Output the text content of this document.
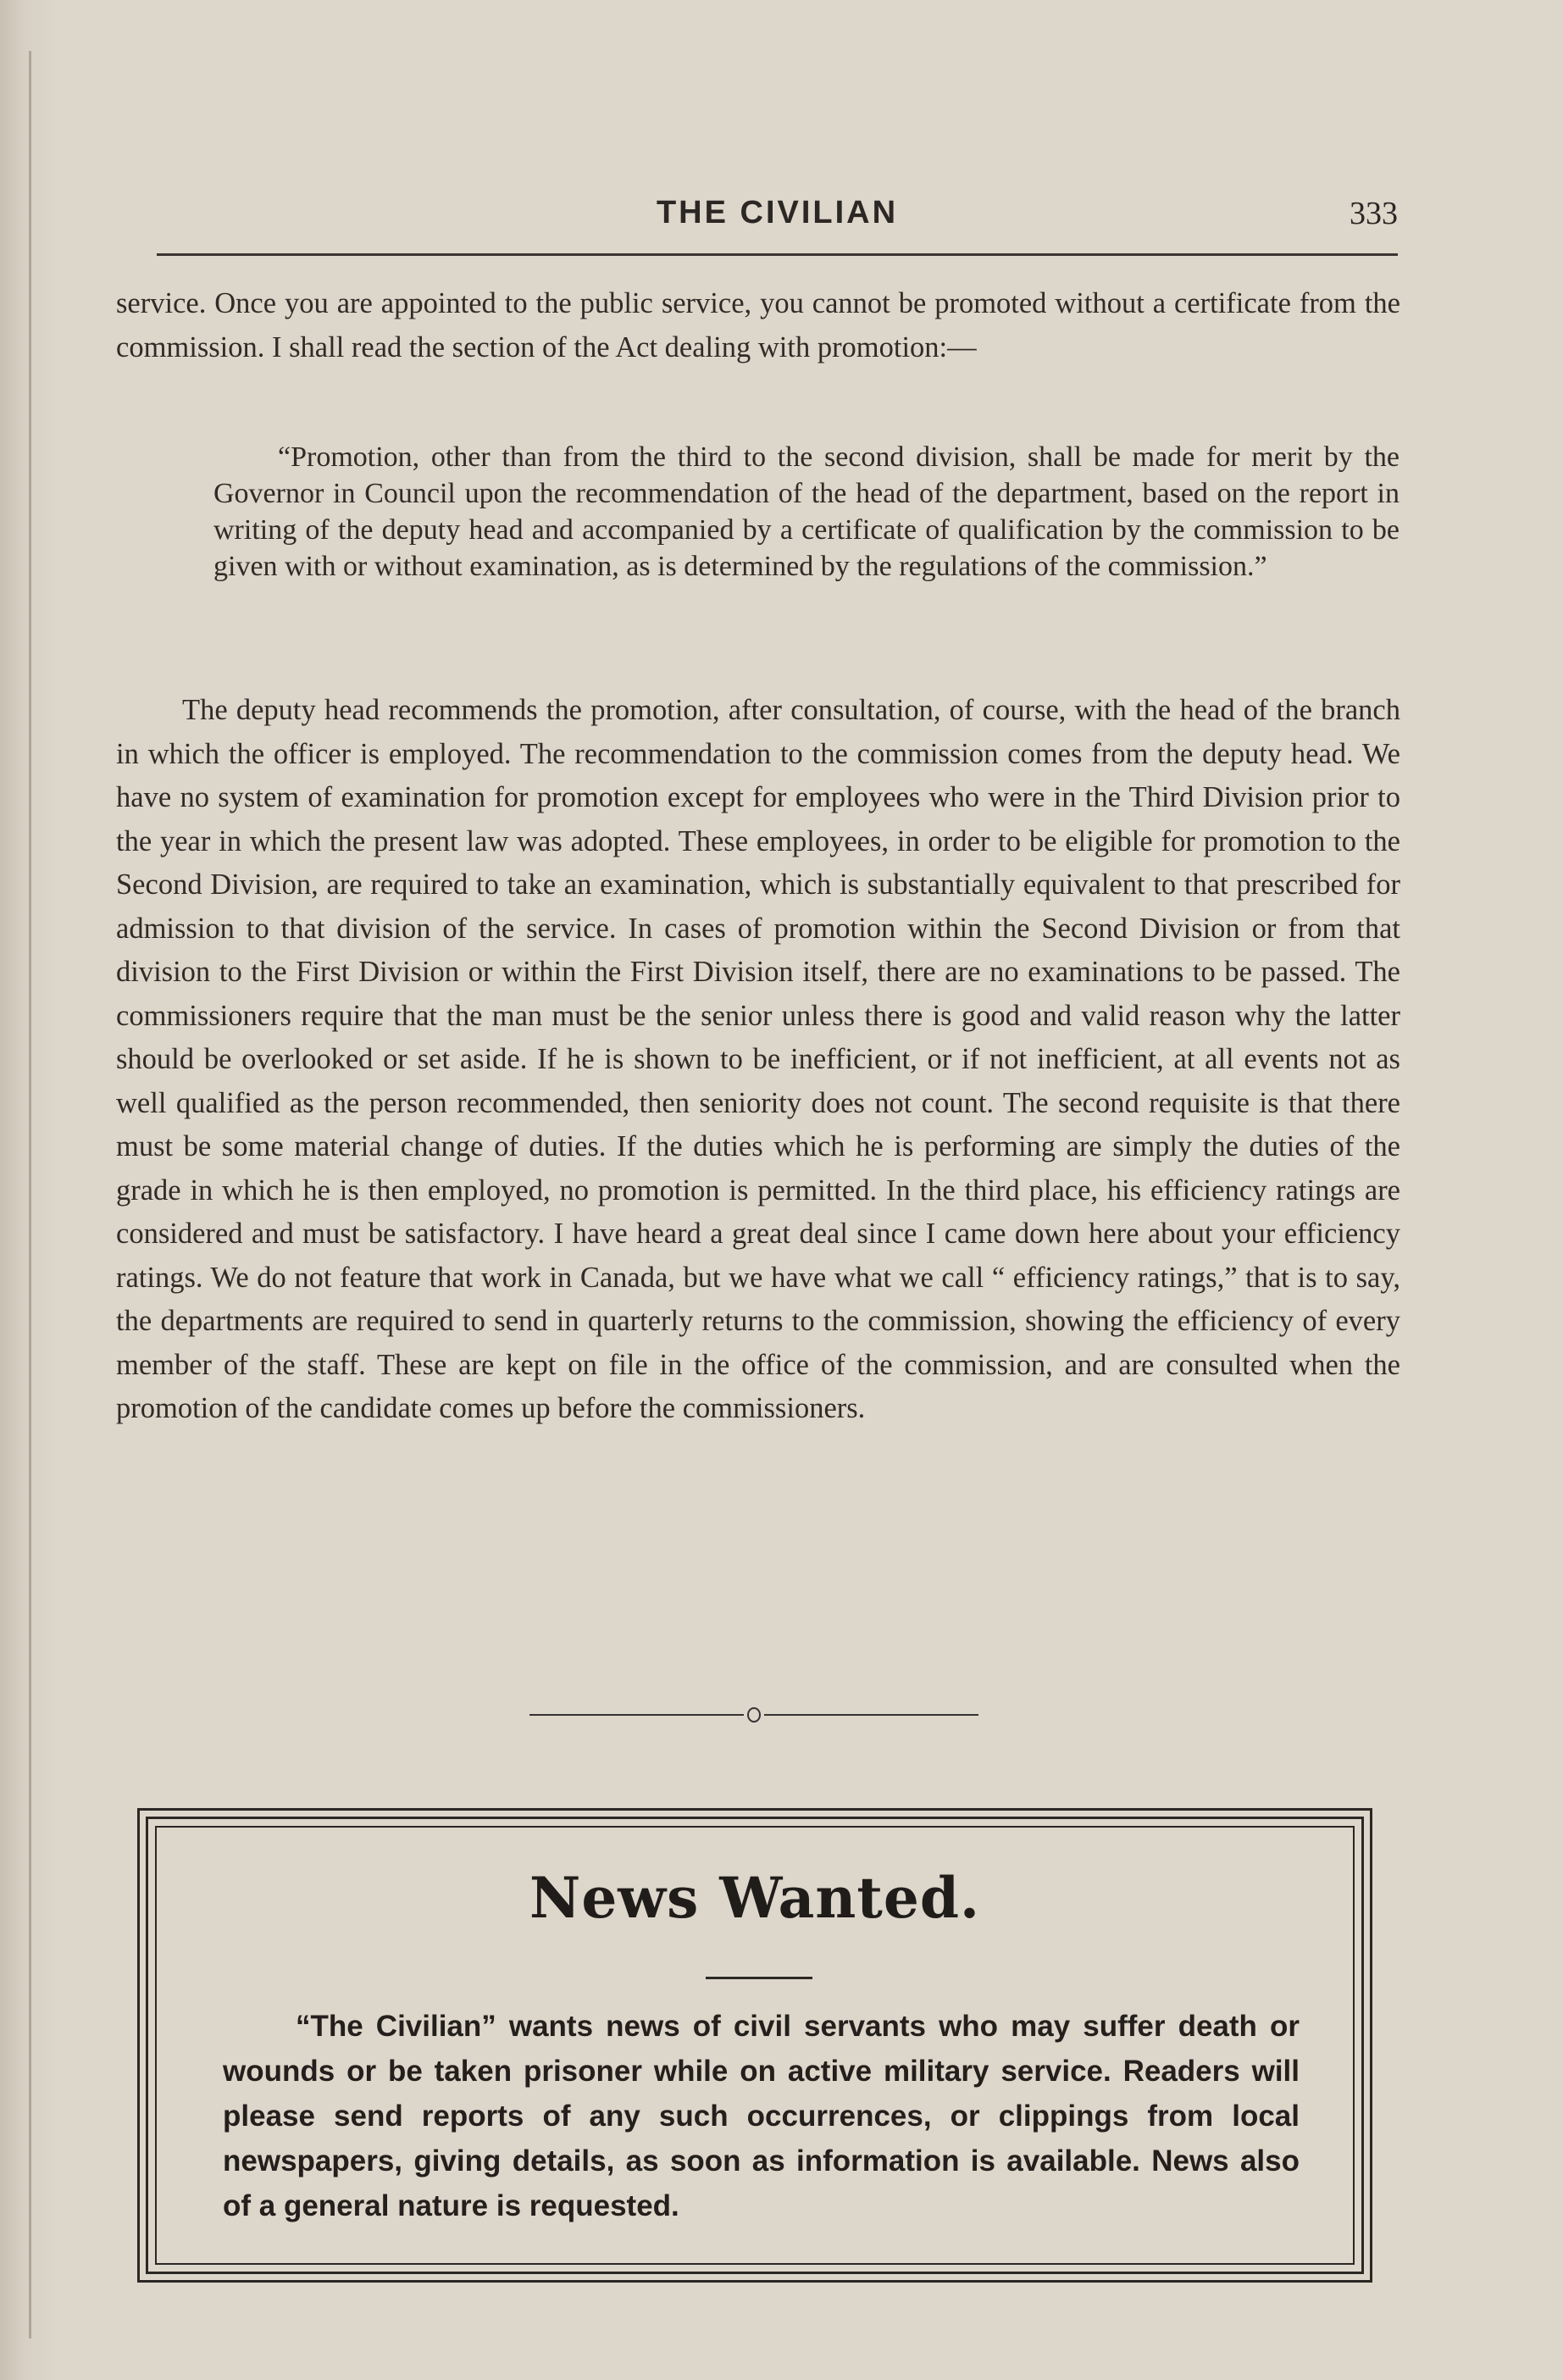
THE CIVILIAN	333

service. Once you are appointed to the public service, you cannot be promoted without a certificate from the commission. I shall read the section of the Act dealing with promotion:—

“Promotion, other than from the third to the second division, shall be made for merit by the Governor in Council upon the recommendation of the head of the department, based on the report in writing of the deputy head and accompanied by a certificate of qualification by the commission to be given with or without examination, as is determined by the regulations of the commission.”

The deputy head recommends the promotion, after consultation, of course, with the head of the branch in which the officer is employed. The recommendation to the commission comes from the deputy head. We have no system of examination for promotion except for employees who were in the Third Division prior to the year in which the present law was adopted. These employees, in order to be eligible for promotion to the Second Division, are required to take an examination, which is substantially equivalent to that prescribed for admission to that division of the service. In cases of promotion within the Second Division or from that division to the First Division or within the First Division itself, there are no examinations to be passed. The commissioners require that the man must be the senior unless there is good and valid reason why the latter should be overlooked or set aside. If he is shown to be inefficient, or if not inefficient, at all events not as well qualified as the person recommended, then seniority does not count. The second requisite is that there must be some material change of duties. If the duties which he is performing are simply the duties of the grade in which he is then employed, no promotion is permitted. In the third place, his efficiency ratings are considered and must be satisfactory. I have heard a great deal since I came down here about your efficiency ratings. We do not feature that work in Canada, but we have what we call “ efficiency ratings,” that is to say, the departments are required to send in quarterly returns to the commission, showing the efficiency of every member of the staff. These are kept on file in the office of the commission, and are consulted when the promotion of the candidate comes up before the commissioners.

News Wanted.

“The Civilian” wants news of civil servants who may suffer death or wounds or be taken prisoner while on active military service. Readers will please send reports of any such occurrences, or clippings from local newspapers, giving details, as soon as information is available. News also of a general nature is requested.
